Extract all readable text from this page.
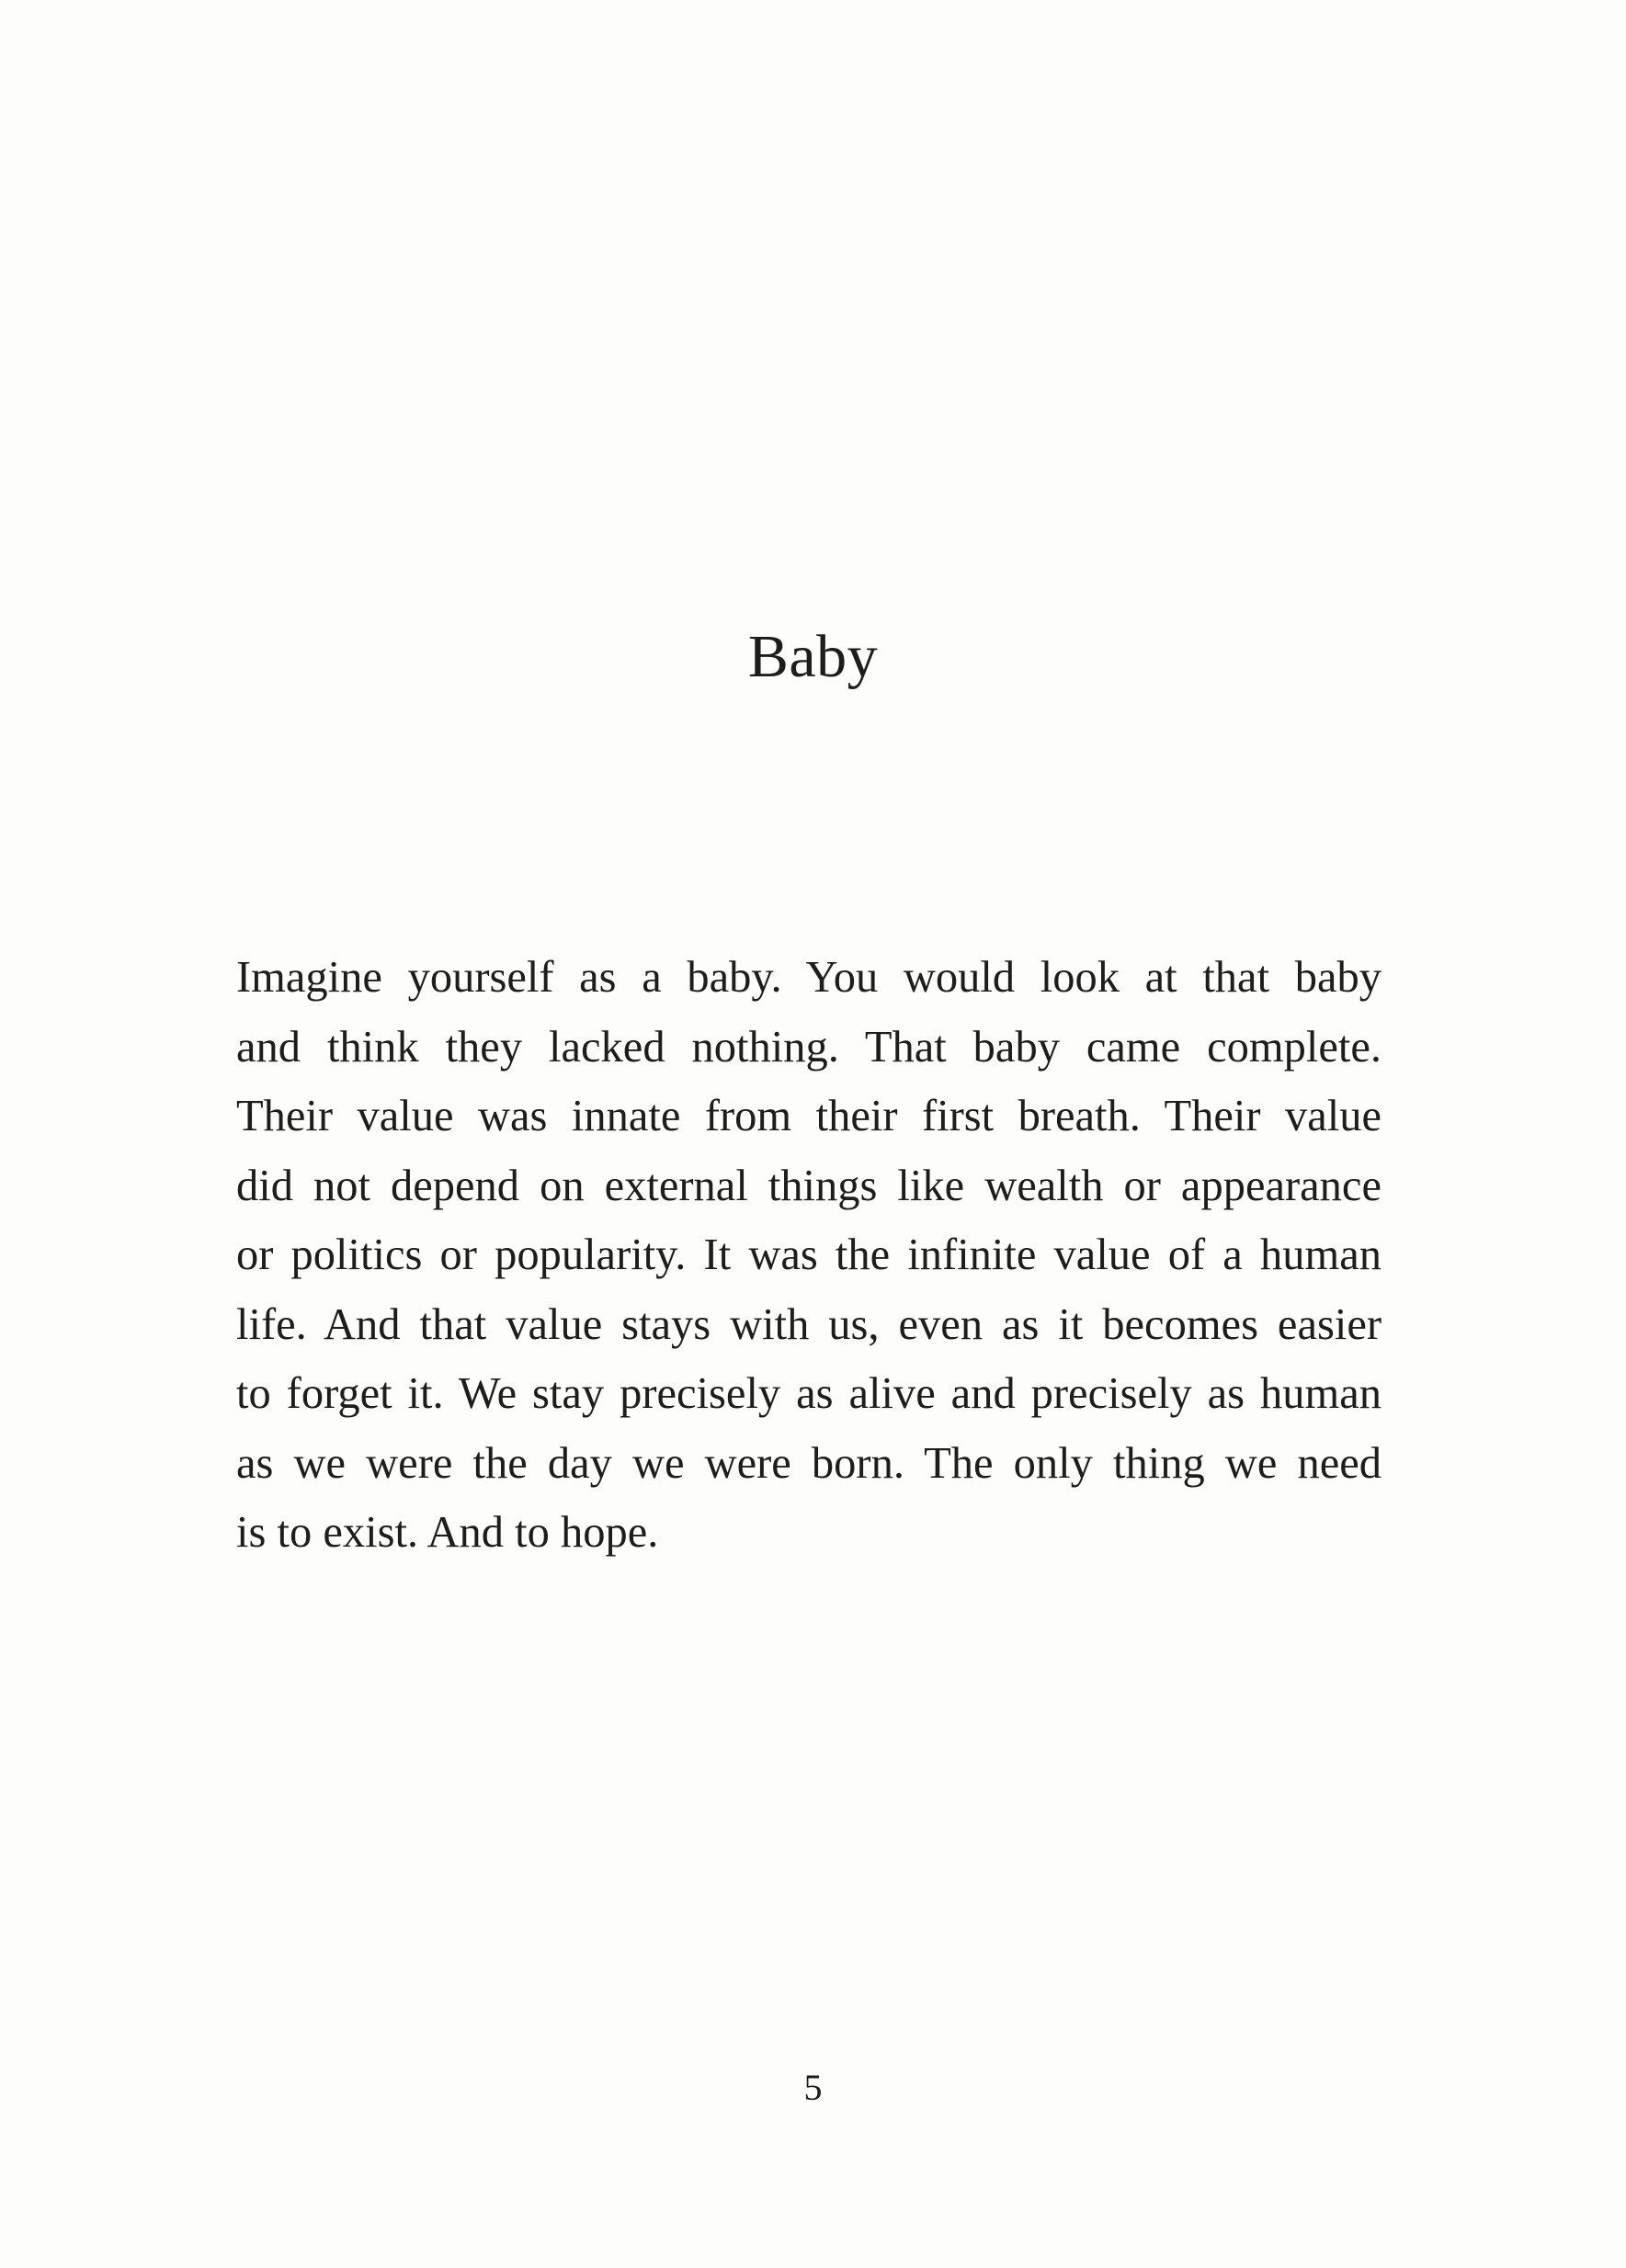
Baby
Imagine yourself as a baby. You would look at that baby
and think they lacked nothing. That baby came complete.
Their value was innate from their first breath. Their value
did not depend on external things like wealth or appearance
or politics or popularity. It was the infinite value of a human
life. And that value stays with us, even as it becomes easier
to forget it. We stay precisely as alive and precisely as human
as we were the day we were born. The only thing we need
is to exist. And to hope.
5
